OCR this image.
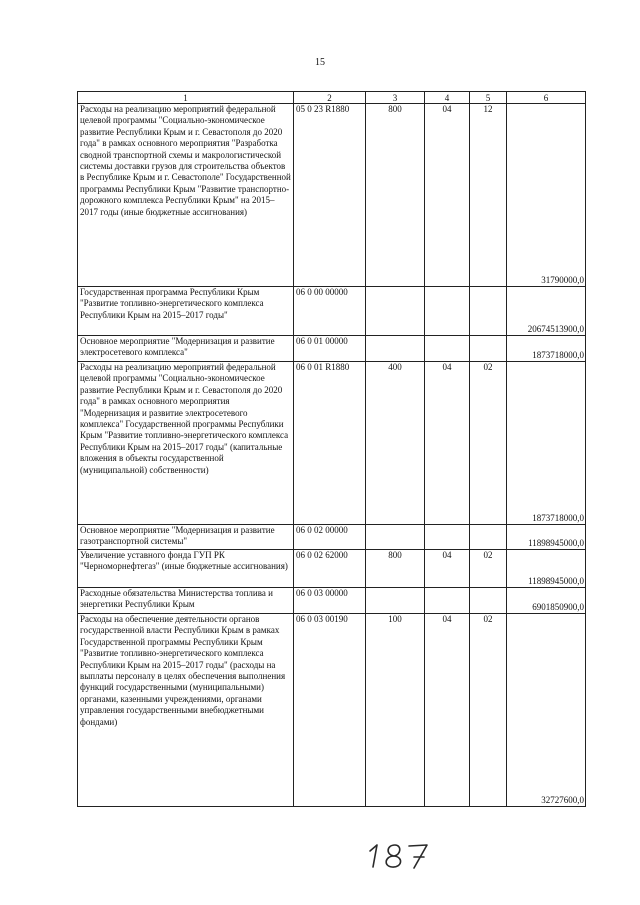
15
1	2	3	4	5	6
Расходы на реализацию мероприятий федеральной целевой программы "Социально-экономическое развитие Республики Крым и г. Севастополя до 2020 года" в рамках основного мероприятия "Разработка сводной транспортной схемы и макрологистической системы доставки грузов для строительства объектов в Республике Крым и г. Севастополе" Государственной программы Республики Крым "Развитие транспортно-дорожного комплекса Республики Крым" на 2015–2017 годы (иные бюджетные ассигнования)	05 0 23 R1880	800	04	12	31790000,0
Государственная программа Республики Крым "Развитие топливно-энергетического комплекса Республики Крым на 2015–2017 годы"	06 0 00 00000				20674513900,0
Основное мероприятие "Модернизация и развитие электросетевого комплекса"	06 0 01 00000				1873718000,0
Расходы на реализацию мероприятий федеральной целевой программы "Социально-экономическое развитие Республики Крым и г. Севастополя до 2020 года" в рамках основного мероприятия "Модернизация и развитие электросетевого комплекса" Государственной программы Республики Крым "Развитие топливно-энергетического комплекса Республики Крым на 2015–2017 годы" (капитальные вложения в объекты государственной (муниципальной) собственности)	06 0 01 R1880	400	04	02	1873718000,0
Основное мероприятие "Модернизация и развитие газотранспортной системы"	06 0 02 00000				11898945000,0
Увеличение уставного фонда ГУП РК "Черноморнефтегаз" (иные бюджетные ассигнования)	06 0 02 62000	800	04	02	11898945000,0
Расходные обязательства Министерства топлива и энергетики Республики Крым	06 0 03 00000				6901850900,0
Расходы на обеспечение деятельности органов государственной власти Республики Крым в рамках Государственной программы Республики Крым "Развитие топливно-энергетического комплекса Республики Крым на 2015–2017 годы" (расходы на выплаты персоналу в целях обеспечения выполнения функций государственными (муниципальными) органами, казенными учреждениями, органами управления государственными внебюджетными фондами)	06 0 03 00190	100	04	02	32727600,0
